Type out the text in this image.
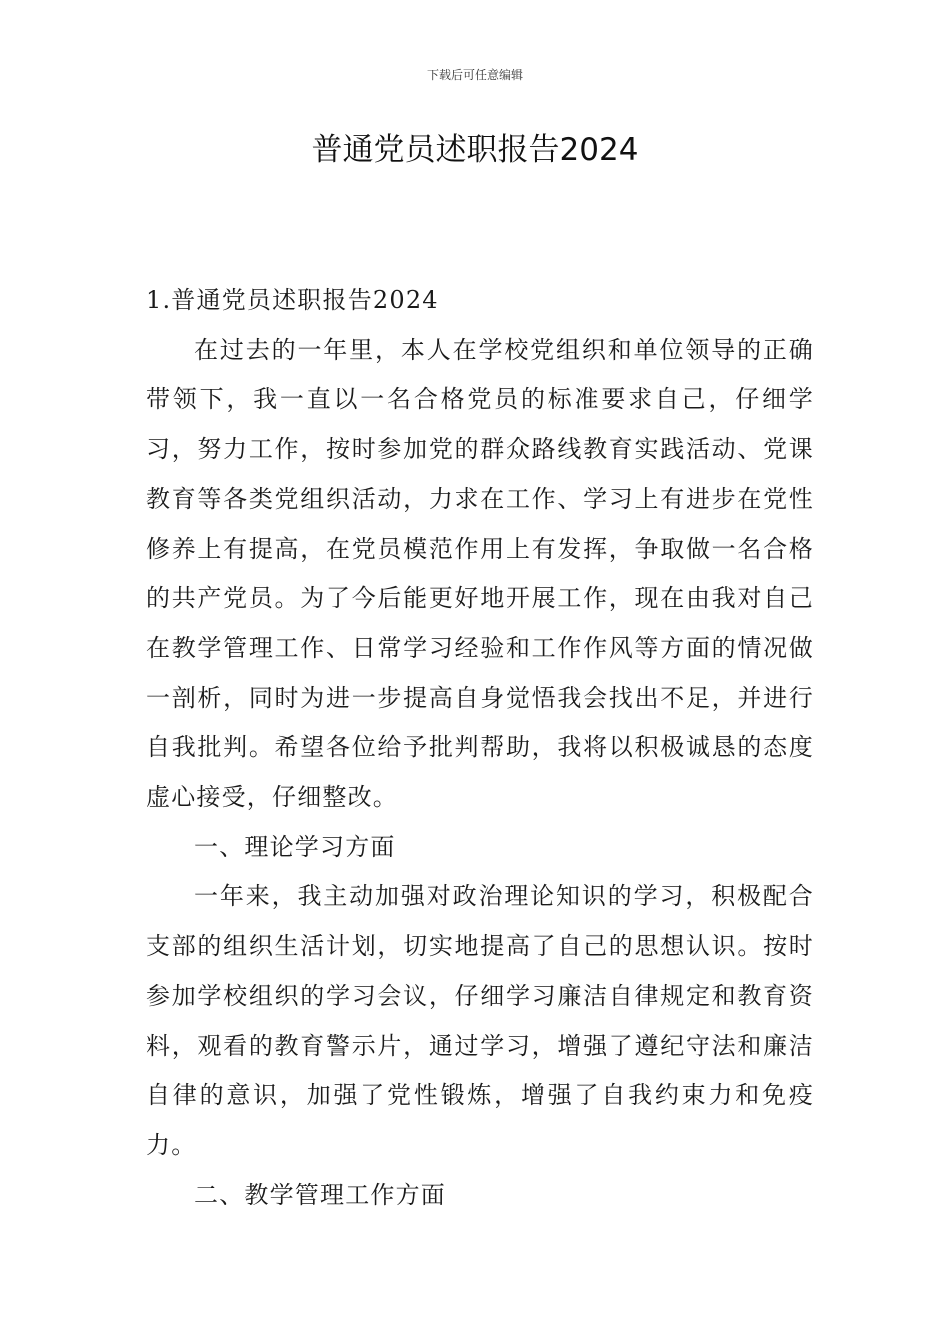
下载后可任意编辑
普通党员述职报告2024

1.普通党员述职报告2024

在过去的一年里，本人在学校党组织和单位领导的正确带领下，我一直以一名合格党员的标准要求自己，仔细学习，努力工作，按时参加党的群众路线教育实践活动、党课教育等各类党组织活动，力求在工作、学习上有进步在党性修养上有提高，在党员模范作用上有发挥，争取做一名合格的共产党员。为了今后能更好地开展工作，现在由我对自己在教学管理工作、日常学习经验和工作作风等方面的情况做一剖析，同时为进一步提高自身觉悟我会找出不足，并进行自我批判。希望各位给予批判帮助，我将以积极诚恳的态度虚心接受，仔细整改。

一、理论学习方面

一年来，我主动加强对政治理论知识的学习，积极配合支部的组织生活计划，切实地提高了自己的思想认识。按时参加学校组织的学习会议，仔细学习廉洁自律规定和教育资料，观看的教育警示片，通过学习，增强了遵纪守法和廉洁自律的意识，加强了党性锻炼，增强了自我约束力和免疫力。

二、教学管理工作方面
